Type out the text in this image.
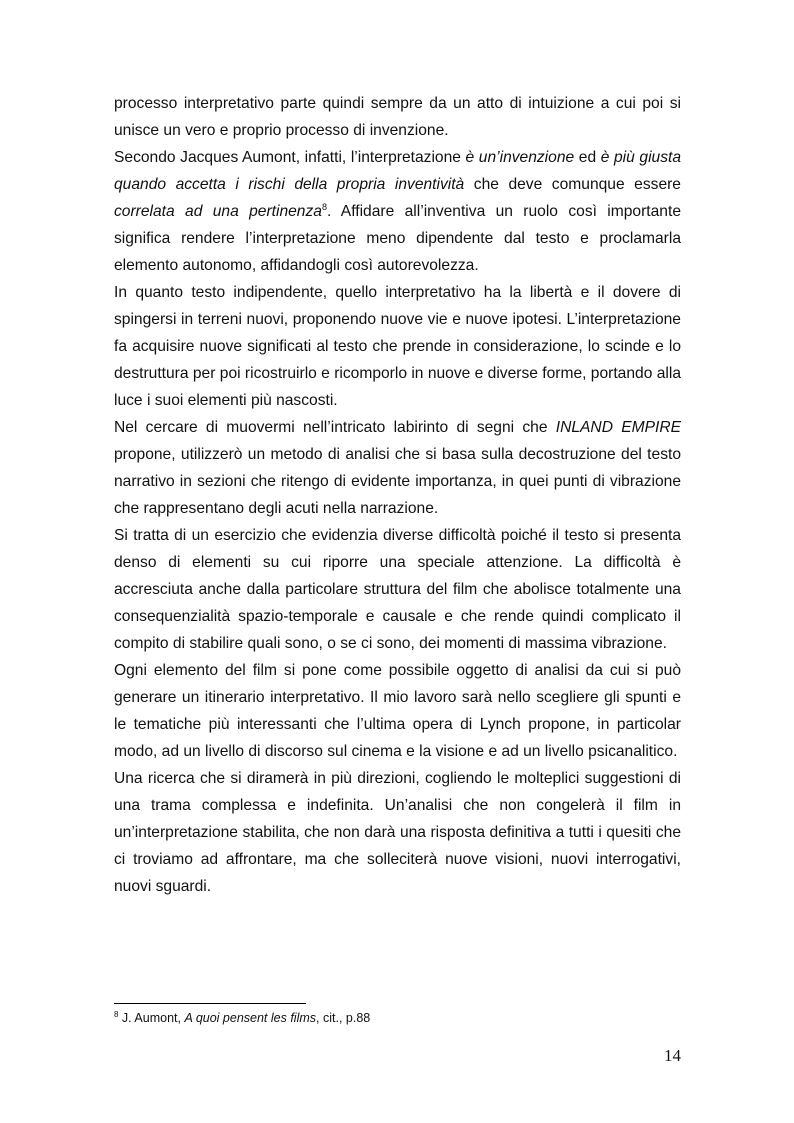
processo interpretativo parte quindi sempre da un atto di intuizione a cui poi si unisce un vero e proprio processo di invenzione.

Secondo Jacques Aumont, infatti, l’interpretazione è un’invenzione ed è più giusta quando accetta i rischi della propria inventività che deve comunque essere correlata ad una pertinenza$^8$. Affidare all’inventiva un ruolo così importante significa rendere l’interpretazione meno dipendente dal testo e proclamarla elemento autonomo, affidandogli così autorevolezza.

In quanto testo indipendente, quello interpretativo ha la libertà e il dovere di spingersi in terreni nuovi, proponendo nuove vie e nuove ipotesi. L’interpretazione fa acquisire nuove significati al testo che prende in considerazione, lo scinde e lo destruttura per poi ricostruirlo e ricomporlo in nuove e diverse forme, portando alla luce i suoi elementi più nascosti.

Nel cercare di muovermi nell’intricato labirinto di segni che INLAND EMPIRE propone, utilizzerò un metodo di analisi che si basa sulla decostruzione del testo narrativo in sezioni che ritengo di evidente importanza, in quei punti di vibrazione che rappresentano degli acuti nella narrazione.

Si tratta di un esercizio che evidenzia diverse difficoltà poiché il testo si presenta denso di elementi su cui riporre una speciale attenzione. La difficoltà è accresciuta anche dalla particolare struttura del film che abolisce totalmente una consequenzialità spazio-temporale e causale e che rende quindi complicato il compito di stabilire quali sono, o se ci sono, dei momenti di massima vibrazione.

Ogni elemento del film si pone come possibile oggetto di analisi da cui si può generare un itinerario interpretativo. Il mio lavoro sarà nello scegliere gli spunti e le tematiche più interessanti che l’ultima opera di Lynch propone, in particolar modo, ad un livello di discorso sul cinema e la visione e ad un livello psicanalitico.

Una ricerca che si diramerà in più direzioni, cogliendo le molteplici suggestioni di una trama complessa e indefinita. Un’analisi che non congelerà il film in un’interpretazione stabilita, che non darà una risposta definitiva a tutti i quesiti che ci troviamo ad affrontare, ma che solleciterà nuove visioni, nuovi interrogativi, nuovi sguardi.

$^8$ J. Aumont, A quoi pensent les films, cit., p.88
14
